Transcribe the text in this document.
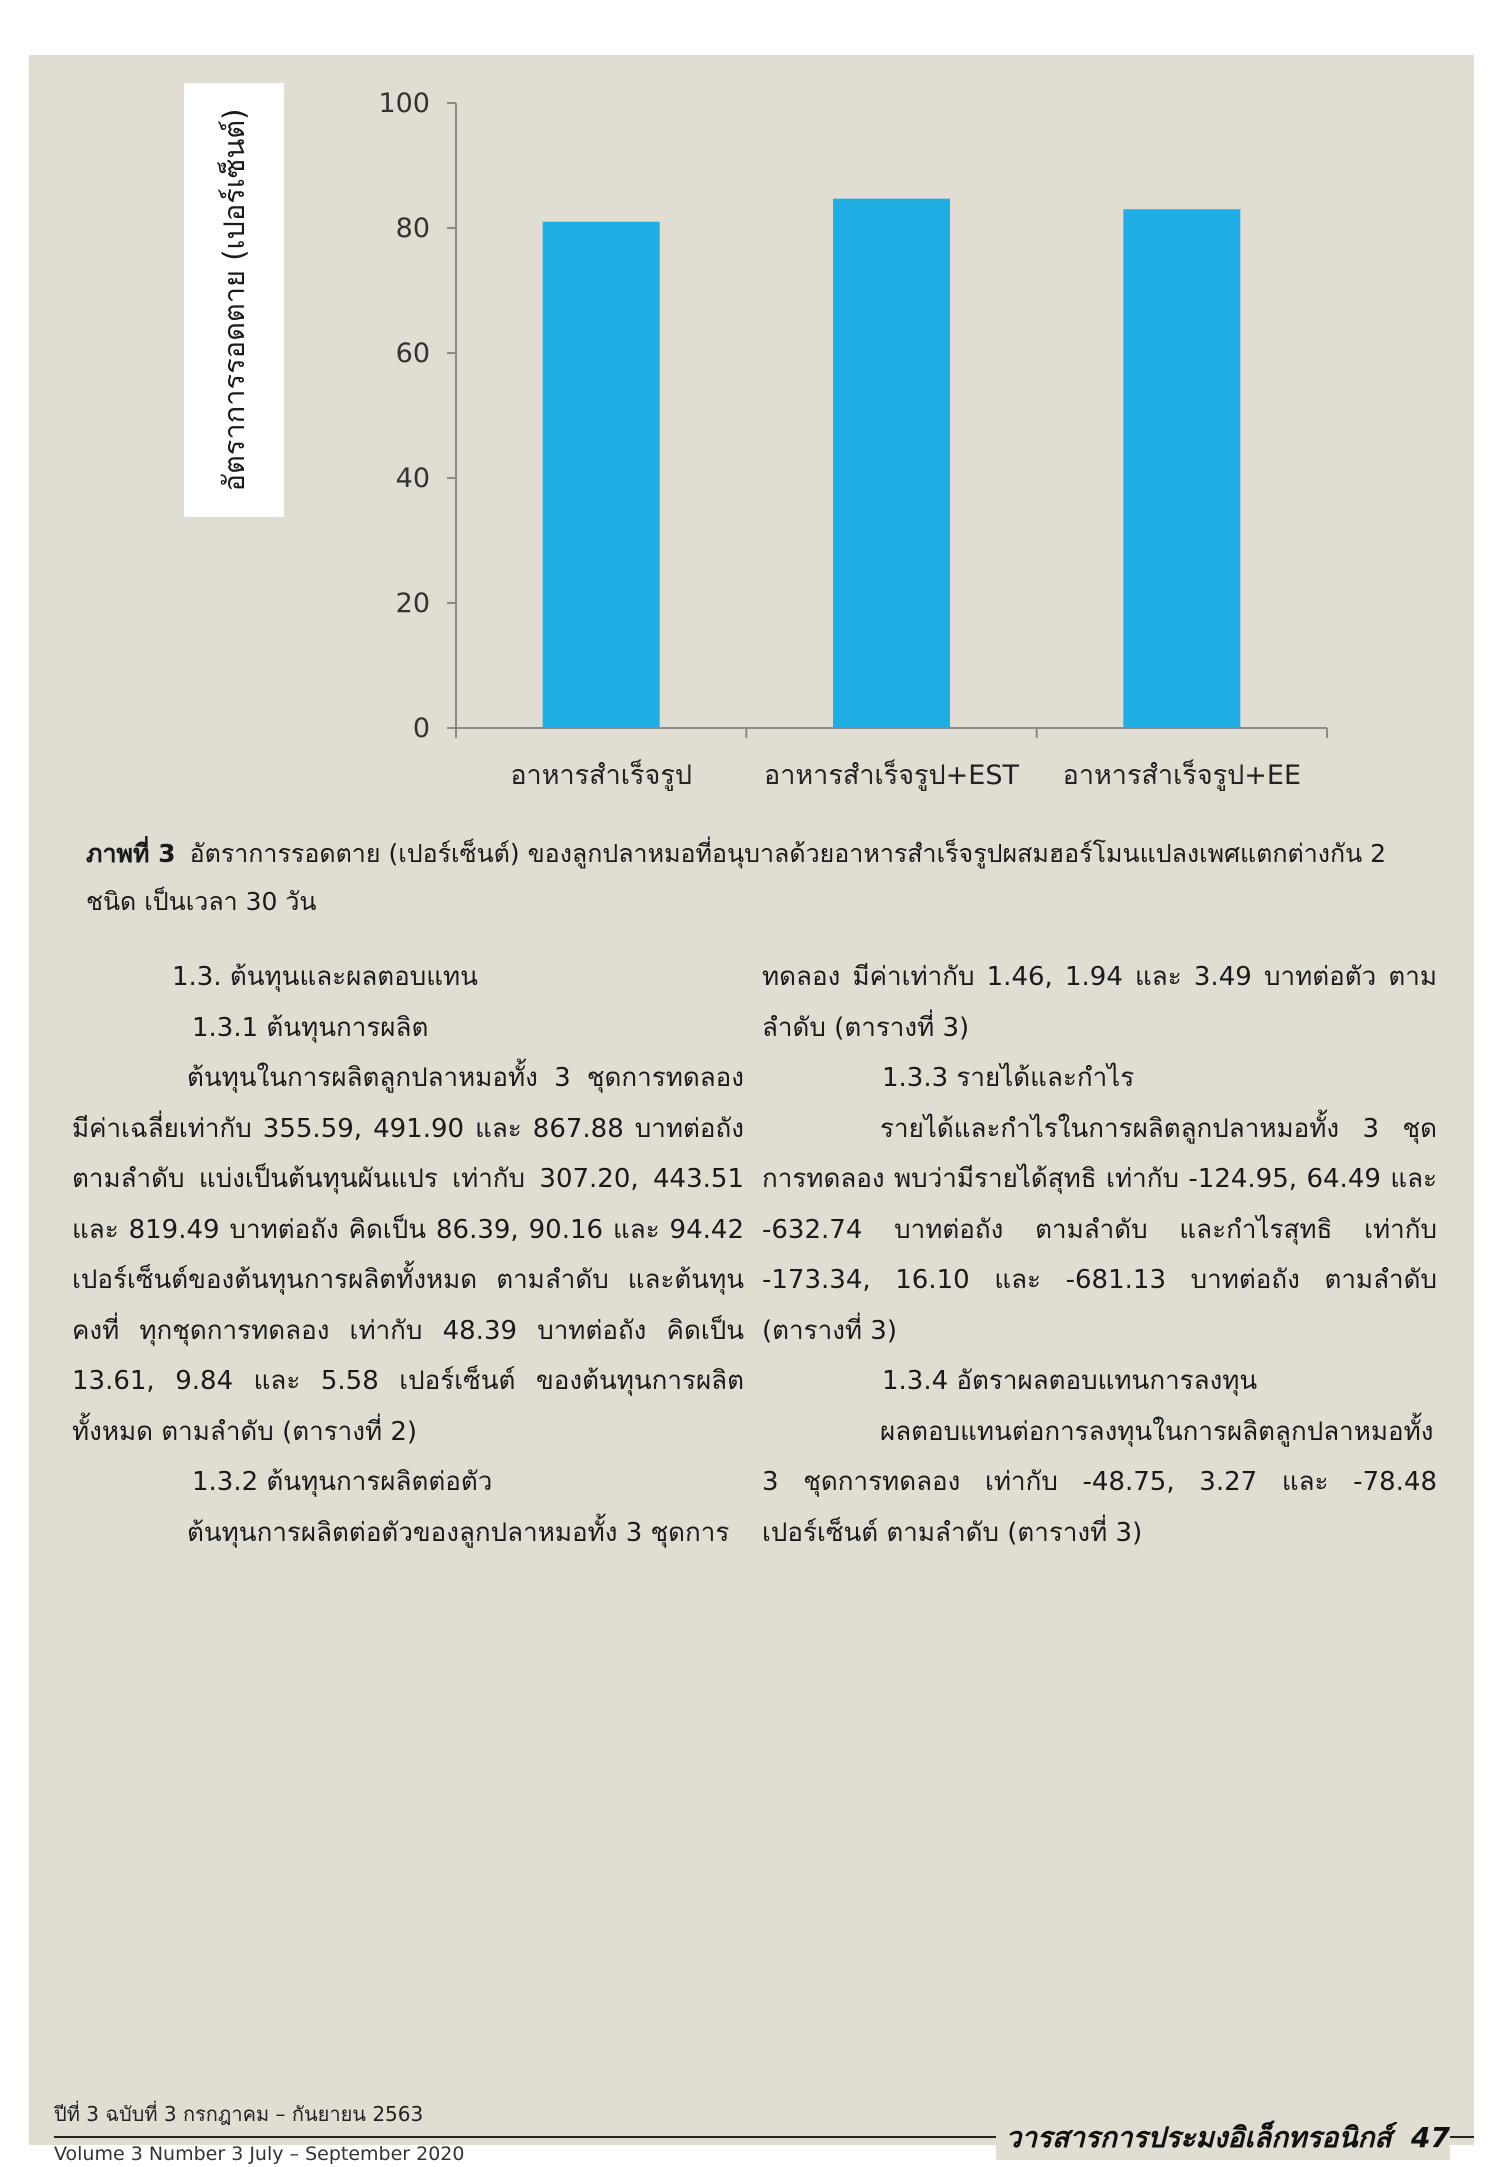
อัตราการรอดตาย (เปอร์เซ็นต์)
0
20
40
60
80
100
อาหารสำเร็จรูป	อาหารสำเร็จรูป+EST อาหารสำเร็จรูป+EE
ภาพที่ 3 อัตราการรอดตาย (เปอร์เซ็นต์) ของลูกปลาหมอที่อนุบาลด้วยอาหารสำเร็จรูปผสมฮอร์โมนแปลงเพศแตกต่างกัน 2 ชนิด เป็นเวลา 30 วัน

1.3. ต้นทุนและผลตอบแทน

1.3.1 ต้นทุนการผลิต

ต้นทุนในการผลิตลูกปลาหมอทั้ง 3 ชุดการทดลอง มีค่าเฉลี่ยเท่ากับ 355.59, 491.90 และ 867.88 บาทต่อถัง ตามลำดับ แบ่งเป็นต้นทุนผันแปร เท่ากับ 307.20, 443.51 และ 819.49 บาทต่อถัง คิดเป็น 86.39, 90.16 และ 94.42 เปอร์เซ็นต์ของต้นทุนการผลิตทั้งหมด ตามลำดับ และต้นทุนคงที่ ทุกชุดการทดลอง เท่ากับ 48.39 บาทต่อถัง คิดเป็น 13.61, 9.84 และ 5.58 เปอร์เซ็นต์ ของต้นทุนการผลิตทั้งหมด ตามลำดับ (ตารางที่ 2)

1.3.2 ต้นทุนการผลิตต่อตัว

ต้นทุนการผลิตต่อตัวของลูกปลาหมอทั้ง 3 ชุดการ

ทดลอง มีค่าเท่ากับ 1.46, 1.94 และ 3.49 บาทต่อตัว ตามลำดับ (ตารางที่ 3)

1.3.3 รายได้และกำไร

รายได้และกำไรในการผลิตลูกปลาหมอทั้ง 3 ชุดการทดลอง พบว่ามีรายได้สุทธิ เท่ากับ -124.95, 64.49 และ -632.74 บาทต่อถัง ตามลำดับ และกำไรสุทธิ เท่ากับ -173.34, 16.10 และ -681.13 บาทต่อถัง ตามลำดับ (ตารางที่ 3)

1.3.4 อัตราผลตอบแทนการลงทุน

ผลตอบแทนต่อการลงทุนในการผลิตลูกปลาหมอทั้ง 3 ชุดการทดลอง เท่ากับ -48.75, 3.27 และ -78.48 เปอร์เซ็นต์ ตามลำดับ (ตารางที่ 3)

ปีที่ 3 ฉบับที่ 3 กรกฎาคม – กันยายน 2563
วารสารการประมงอิเล็กทรอนิกส์ 47
Volume 3 Number 3 July – September 2020
